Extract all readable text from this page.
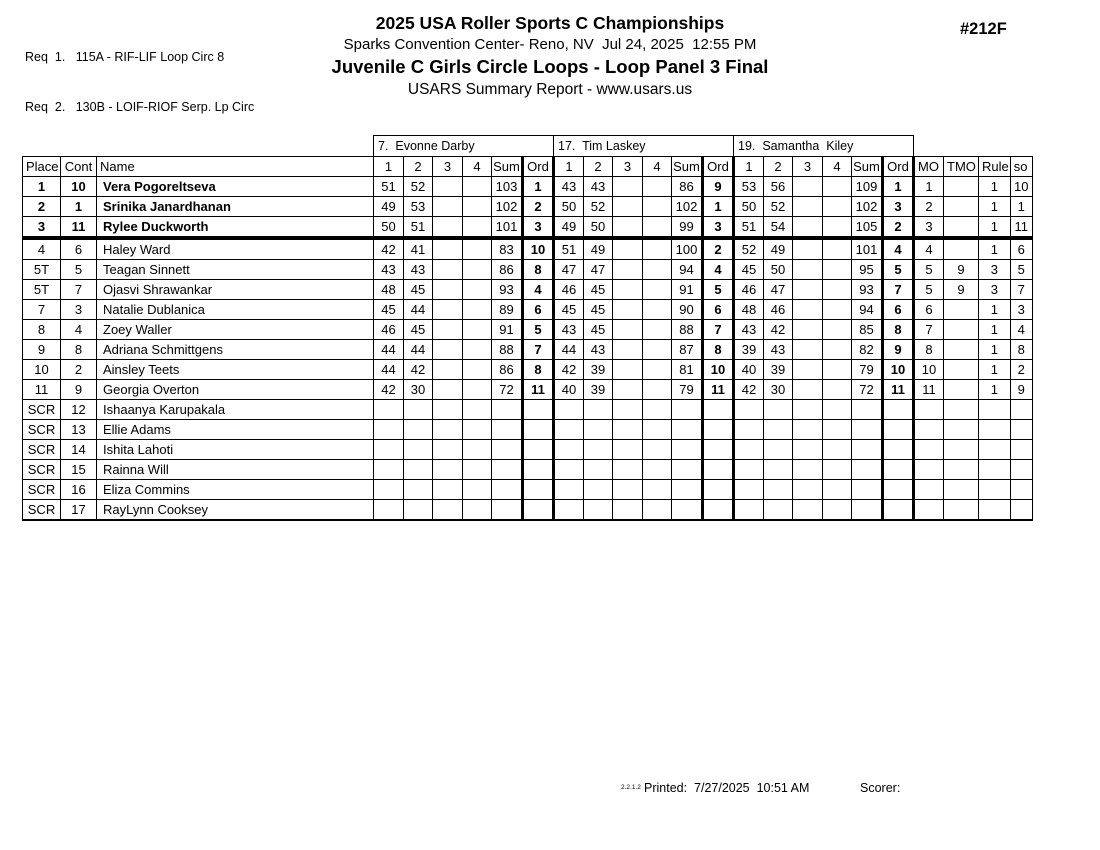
Req  1.   115A - RIF-LIF Loop Circ 8

Req  2.   130B - LOIF-RIOF Serp. Lp Circ

2025 USA Roller Sports C Championships
Sparks Convention Center- Reno, NV  Jul 24, 2025  12:55 PM
Juvenile C Girls Circle Loops - Loop Panel 3 Final
USARS Summary Report - www.usars.us
#212F
			7.  Evonne Darby						17.  Tim Laskey						19.  Samantha  Kiley									
Place	Cont	Name	1	2	3	4	Sum	Ord	1	2	3	4	Sum	Ord	1	2	3	4	Sum	Ord	MO	TMO	Rule	so
1	10	Vera Pogoreltseva	51	52			103	1	43	43			86	9	53	56			109	1	1		1	10
2	1	Srinika Janardhanan	49	53			102	2	50	52			102	1	50	52			102	3	2		1	1
3	11	Rylee Duckworth	50	51			101	3	49	50			99	3	51	54			105	2	3		1	11
4	6	Haley Ward	42	41			83	10	51	49			100	2	52	49			101	4	4		1	6
5T	5	Teagan Sinnett	43	43			86	8	47	47			94	4	45	50			95	5	5	9	3	5
5T	7	Ojasvi Shrawankar	48	45			93	4	46	45			91	5	46	47			93	7	5	9	3	7
7	3	Natalie Dublanica	45	44			89	6	45	45			90	6	48	46			94	6	6		1	3
8	4	Zoey Waller	46	45			91	5	43	45			88	7	43	42			85	8	7		1	4
9	8	Adriana Schmittgens	44	44			88	7	44	43			87	8	39	43			82	9	8		1	8
10	2	Ainsley Teets	44	42			86	8	42	39			81	10	40	39			79	10	10		1	2
11	9	Georgia Overton	42	30			72	11	40	39			79	11	42	30			72	11	11		1	9
SCR	12	Ishaanya Karupakala																						
SCR	13	Ellie Adams																						
SCR	14	Ishita Lahoti																						
SCR	15	Rainna Will																						
SCR	16	Eliza Commins																						
SCR	17	RayLynn Cooksey																						
2.2.1.2 Printed:  7/27/2025  10:51 AM	Scorer:
